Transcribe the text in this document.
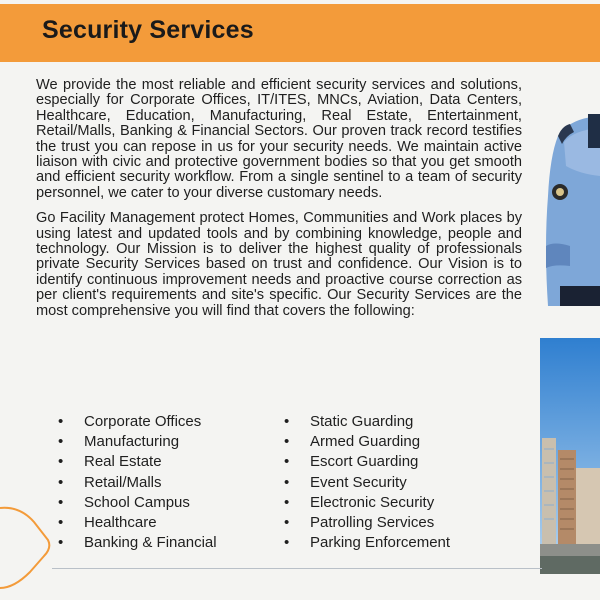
Security Services

We provide the most reliable and efficient security services and solutions, especially for Corporate Offices, IT/ITES, MNCs, Aviation, Data Centers, Healthcare, Education, Manufacturing, Real Estate, Entertainment, Retail/Malls, Banking & Financial Sectors. Our proven track record testifies the trust you can repose in us for your security needs. We maintain active liaison with civic and protective government bodies so that you get smooth and efficient security workflow. From a single sentinel to a team of security personnel, we cater to your diverse customary needs.

Go Facility Management protect Homes, Communities and Work places by using latest and updated tools and by combining knowledge, people and technology. Our Mission is to deliver the highest quality of professionals private Security Services based on trust and confidence. Our Vision is to identify continuous improvement needs and proactive course correction as per client's requirements and site's specific. Our Security Services are the most comprehensive you will find that covers the following:

• Corporate Offices
• Manufacturing
• Real Estate
• Retail/Malls
• School Campus
• Healthcare
• Banking & Financial
• Static Guarding
• Armed Guarding
• Escort Guarding
• Event Security
• Electronic Security
• Patrolling Services
• Parking Enforcement
